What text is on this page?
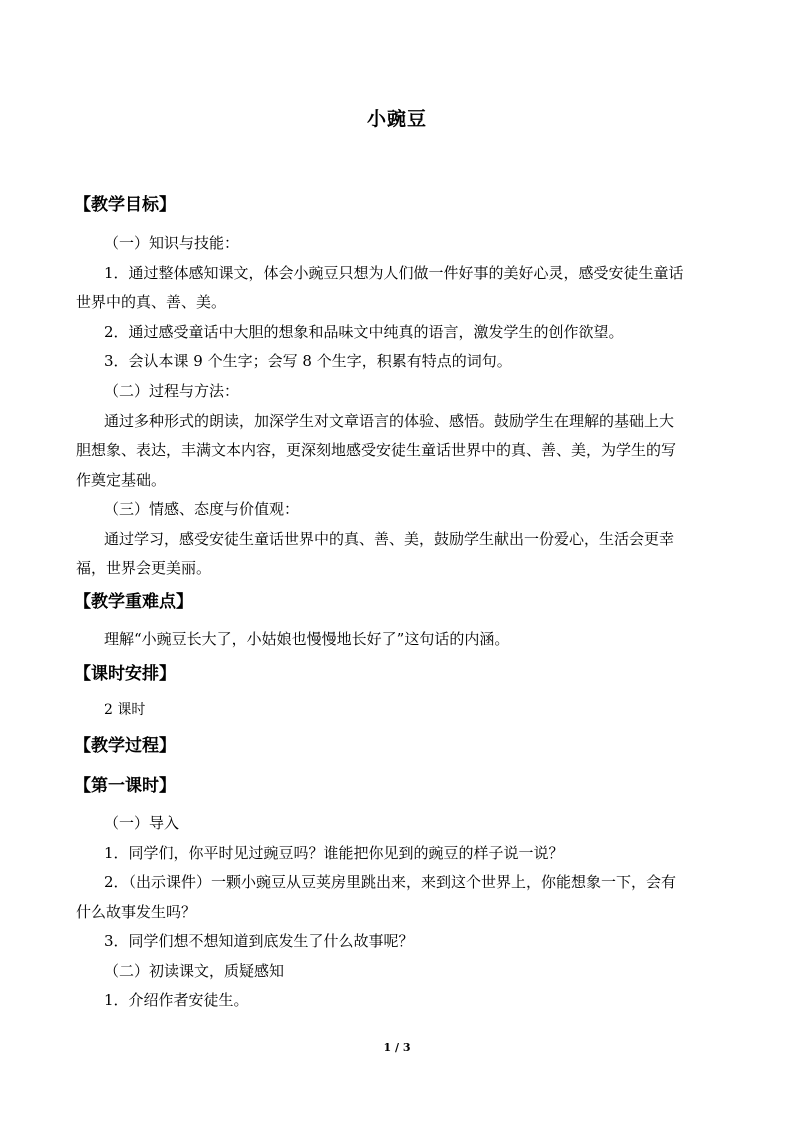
小豌豆
【教学目标】
（一）知识与技能：
1．通过整体感知课文，体会小豌豆只想为人们做一件好事的美好心灵，感受安徒生童话
世界中的真、善、美。
2．通过感受童话中大胆的想象和品味文中纯真的语言，激发学生的创作欲望。
3．会认本课 9 个生字；会写 8 个生字，积累有特点的词句。
（二）过程与方法：
通过多种形式的朗读，加深学生对文章语言的体验、感悟。鼓励学生在理解的基础上大
胆想象、表达，丰满文本内容，更深刻地感受安徒生童话世界中的真、善、美，为学生的写
作奠定基础。
（三）情感、态度与价值观：
通过学习，感受安徒生童话世界中的真、善、美，鼓励学生献出一份爱心，生活会更幸
福，世界会更美丽。
【教学重难点】
理解“小豌豆长大了，小姑娘也慢慢地长好了”这句话的内涵。
【课时安排】
2 课时
【教学过程】
【第一课时】
（一）导入
1．同学们，你平时见过豌豆吗？谁能把你见到的豌豆的样子说一说？
2．（出示课件）一颗小豌豆从豆荚房里跳出来，来到这个世界上，你能想象一下，会有
什么故事发生吗？
3．同学们想不想知道到底发生了什么故事呢？
（二）初读课文，质疑感知
1．介绍作者安徒生。
1 / 3
